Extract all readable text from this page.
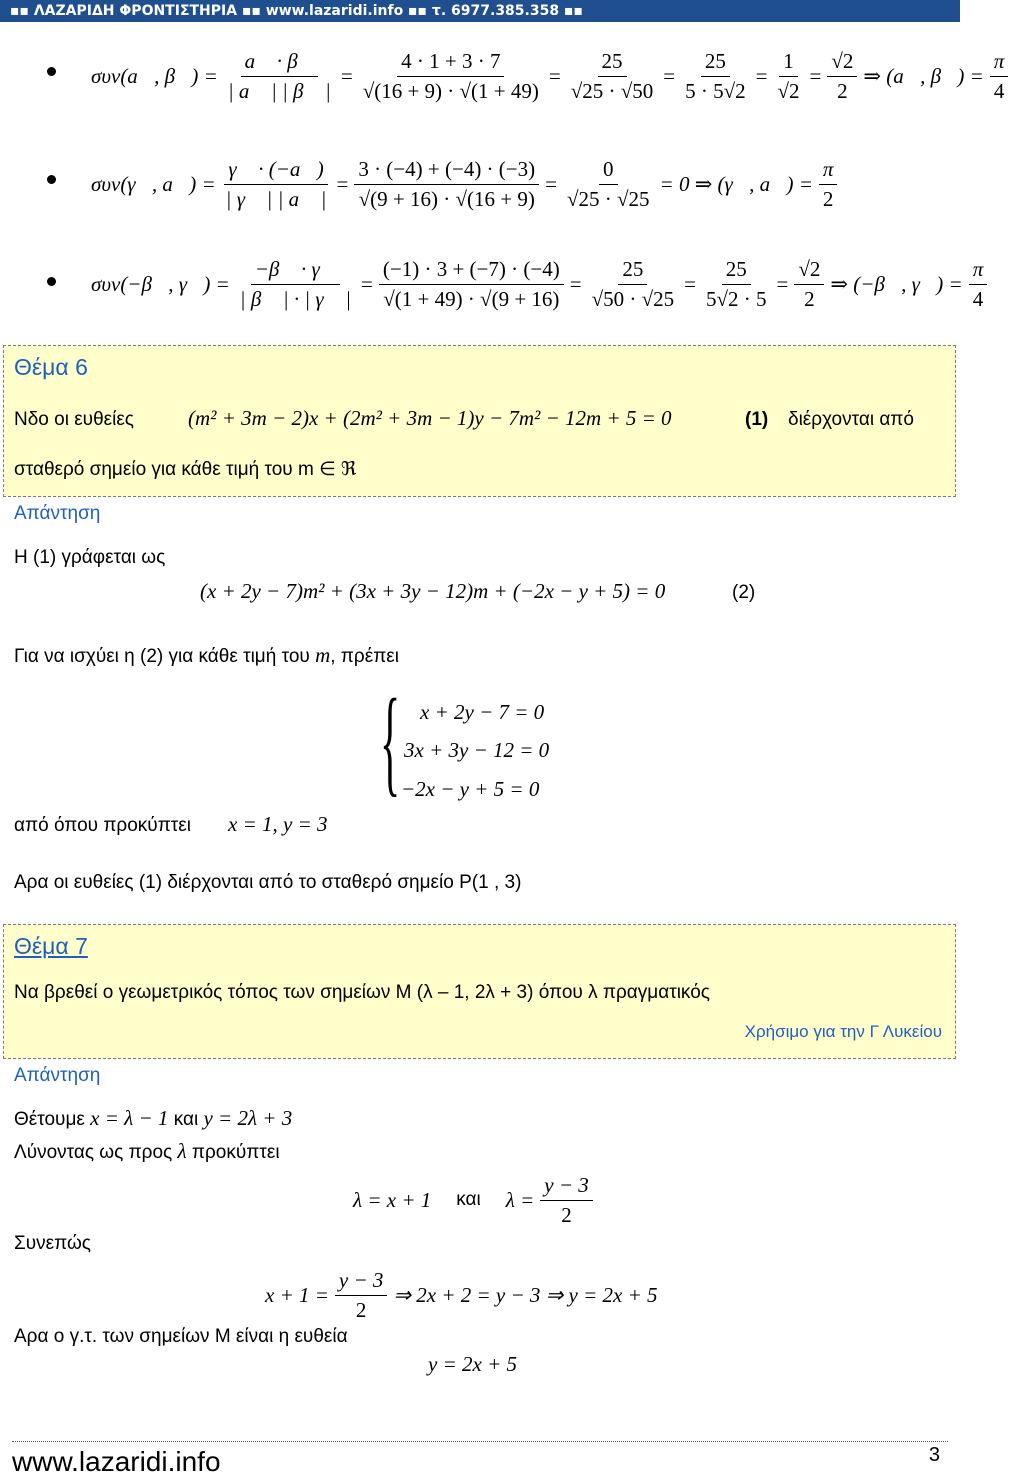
▪▪ ΛΑΖΑΡΙΔΗ ΦΡΟΝΤΙΣΤΗΡΙΑ ▪▪ www.lazaridi.info ▪▪ τ. 6977.385.358 ▪▪
συν(a⃗, β⃗) = $\frac{a⃗ \cdot \beta⃗}{| a⃗ | | \beta⃗ |} = \frac{4 \cdot 1 + 3 \cdot 7}{√(16 + 9) \cdot √(1 + 49)} = \frac{25}{√25 \cdot √50} = \frac{25}{5 \cdot 5√2} = \frac{1}{√2} = \frac{√2}{2}$ ⇒ (a⃗, β⃗) = $\frac{\pi}{4}$
συν(γ⃗, a⃗) = $\frac{\gamma⃗ \cdot (-a⃗)}{| \gamma⃗ | | a⃗ |} = \frac{3 \cdot (-4) + (-4) \cdot (-3)}{√(9 + 16) \cdot √(16 + 9)} = \frac{0}{√25 \cdot √25} = 0$ ⇒ (γ⃗, a⃗) = $\frac{\pi}{2}$
συν(−β⃗, γ⃗) = $\frac{-\beta⃗ \cdot \gamma⃗}{| \beta⃗ | \cdot | \gamma⃗ |} = \frac{(-1) \cdot 3 + (-7) \cdot (-4)}{√(1 + 49) \cdot √(9 + 16)} = \frac{25}{√50 \cdot √25} = \frac{25}{5√2 \cdot 5} = \frac{√2}{2}$ ⇒ (−β⃗, γ⃗) = $\frac{\pi}{4}$
Θέμα 6
Νδο οι ευθείες	(m² + 3m − 2)x + (2m² + 3m − 1)y − 7m² − 12m + 5 = 0	(1) διέρχονται από
σταθερό σημείο για κάθε τιμή του m ∈ ℜ
Απάντηση
Η (1) γράφεται ως
(x + 2y − 7)m² + (3x + 3y − 12)m + (−2x − y + 5) = 0	(2)
Για να ισχύει η (2) για κάθε τιμή του m, πρέπει
{ x + 2y − 7 = 0
3x + 3y − 12 = 0
−2x − y + 5 = 0
από όπου προκύπτει x = 1, y = 3
Αρα οι ευθείες (1) διέρχονται από το σταθερό σημείο Ρ(1 , 3)
Θέμα 7
Να βρεθεί ο γεωμετρικός τόπος των σημείων Μ (λ – 1, 2λ + 3) όπου λ πραγματικός
Χρήσιμο για την Γ Λυκείου
Απάντηση
Θέτουμε x = λ − 1 και y = 2λ + 3
Λύνοντας ως προς λ προκύπτει
λ = x + 1 και $\lambda = \frac{y - 3}{2}$
Συνεπώς
$x + 1 = \frac{y - 3}{2}$ ⇒ 2x + 2 = y − 3 ⇒ y = 2x + 5
Αρα ο γ.τ. των σημείων Μ είναι η ευθεία
y = 2x + 5
www.lazaridi.info	3
